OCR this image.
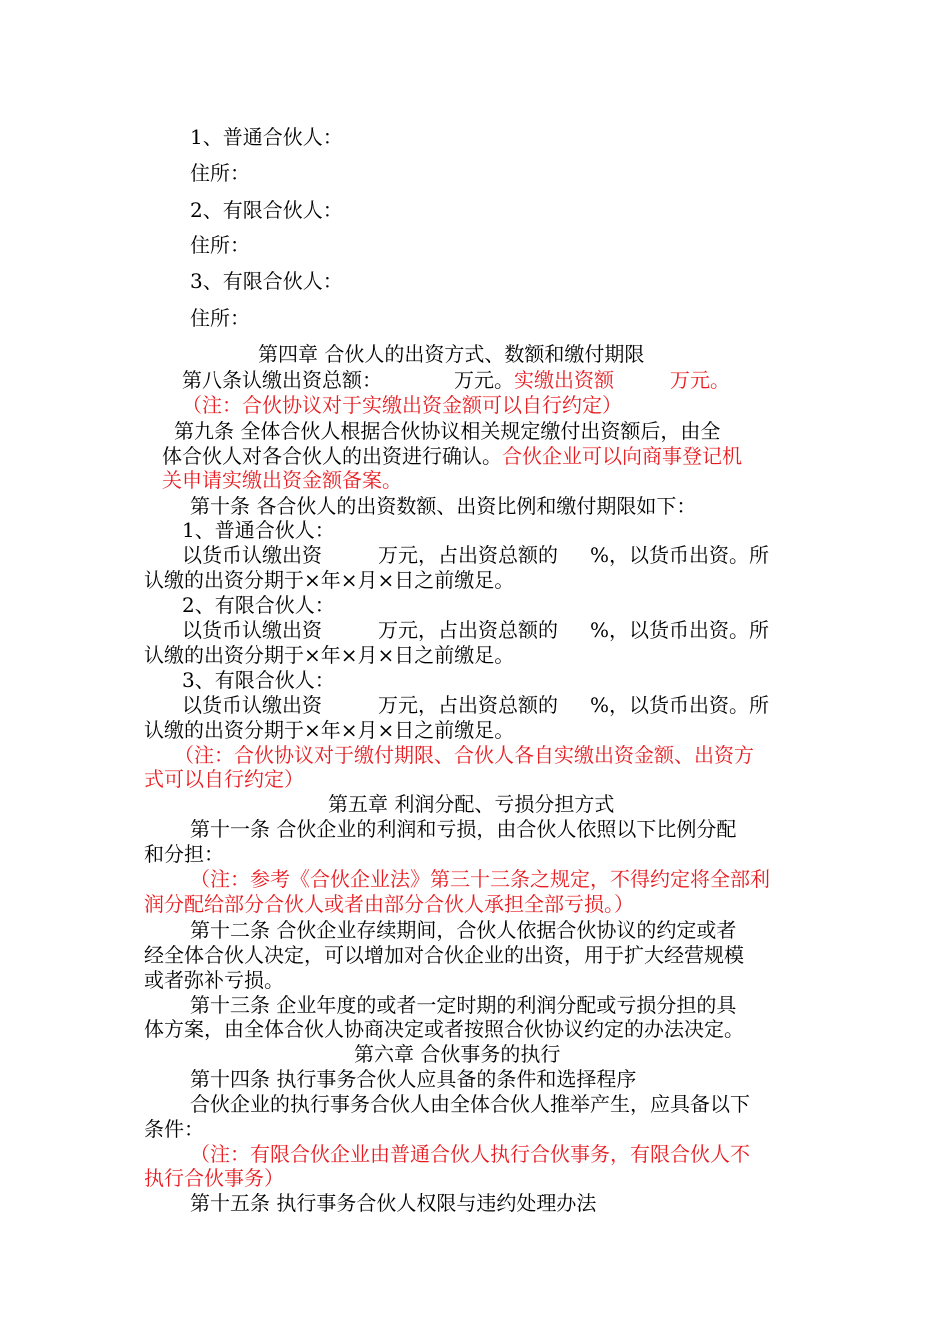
1、普通合伙人：
住所：
2、有限合伙人：
住所：
3、有限合伙人：
住所：
第四章 合伙人的出资方式、数额和缴付期限
第八条认缴出资总额：	万元。实缴出资额	万元。
（注：合伙协议对于实缴出资金额可以自行约定）
第九条 全体合伙人根据合伙协议相关规定缴付出资额后，由全
体合伙人对各合伙人的出资进行确认。合伙企业可以向商事登记机
关申请实缴出资金额备案。
第十条 各合伙人的出资数额、出资比例和缴付期限如下：
1、普通合伙人：
以货币认缴出资	万元，占出资总额的 %，以货币出资。所
认缴的出资分期于×年×月×日之前缴足。
2、有限合伙人：
以货币认缴出资	万元，占出资总额的 %，以货币出资。所
认缴的出资分期于×年×月×日之前缴足。
3、有限合伙人：
以货币认缴出资	万元，占出资总额的 %，以货币出资。所
认缴的出资分期于×年×月×日之前缴足。
（注：合伙协议对于缴付期限、合伙人各自实缴出资金额、出资方
式可以自行约定）
第五章 利润分配、亏损分担方式
第十一条 合伙企业的利润和亏损，由合伙人依照以下比例分配
和分担：
（注：参考《合伙企业法》第三十三条之规定，不得约定将全部利
润分配给部分合伙人或者由部分合伙人承担全部亏损。）
第十二条 合伙企业存续期间，合伙人依据合伙协议的约定或者
经全体合伙人决定，可以增加对合伙企业的出资，用于扩大经营规模
或者弥补亏损。
第十三条 企业年度的或者一定时期的利润分配或亏损分担的具
体方案，由全体合伙人协商决定或者按照合伙协议约定的办法决定。
第六章 合伙事务的执行
第十四条 执行事务合伙人应具备的条件和选择程序
合伙企业的执行事务合伙人由全体合伙人推举产生，应具备以下
条件：
（注：有限合伙企业由普通合伙人执行合伙事务，有限合伙人不
执行合伙事务）
第十五条 执行事务合伙人权限与违约处理办法
